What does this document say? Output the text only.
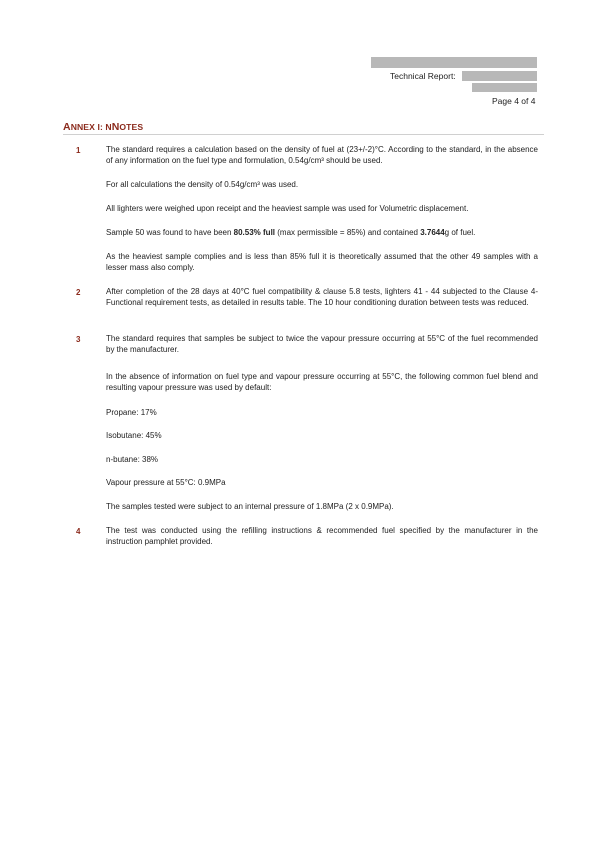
Technical Report:
Page 4 of 4
ANNEX I: NNOTES
1	The standard requires a calculation based on the density of fuel at (23+/-2)°C. According to the standard, in the absence of any information on the fuel type and formulation, 0.54g/cm³ should be used.
For all calculations the density of 0.54g/cm³ was used.
All lighters were weighed upon receipt and the heaviest sample was used for Volumetric displacement.
Sample 50 was found to have been 80.53% full (max permissible = 85%) and contained 3.7644g of fuel.
As the heaviest sample complies and is less than 85% full it is theoretically assumed that the other 49 samples with a lesser mass also comply.
2	After completion of the 28 days at 40°C fuel compatibility & clause 5.8 tests, lighters 41 - 44 subjected to the Clause 4- Functional requirement tests, as detailed in results table. The 10 hour conditioning duration between tests was reduced.
3	The standard requires that samples be subject to twice the vapour pressure occurring at 55°C of the fuel recommended by the manufacturer.
In the absence of information on fuel type and vapour pressure occurring at 55°C, the following common fuel blend and resulting vapour pressure was used by default:
Propane: 17%
Isobutane: 45%
n-butane: 38%
Vapour pressure at 55°C: 0.9MPa
The samples tested were subject to an internal pressure of 1.8MPa (2 x 0.9MPa).
4	The test was conducted using the refilling instructions & recommended fuel specified by the manufacturer in the instruction pamphlet provided.
